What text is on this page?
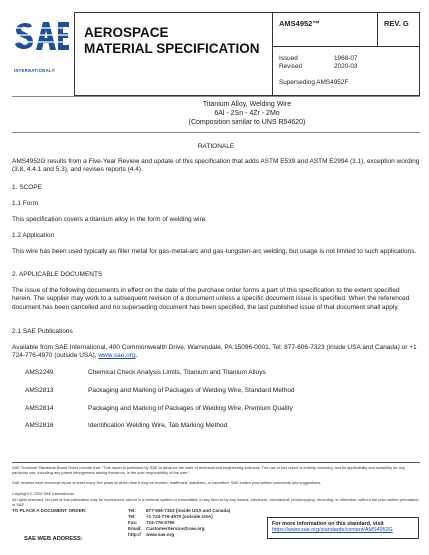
INTERNATIONAL®
AEROSPACE
MATERIAL SPECIFICATION
AMS4952™	REV. G
Issued	1968-07
Revised	2020-03
Superseding AMS4952F
Titanium Alloy, Welding Wire
6Al - 2Sn - 4Zr - 2Mo
(Composition similar to UNS R54620)
RATIONALE
AMS4952G results from a Five-Year Review and update of this specification that adds ASTM E539 and ASTM E2994 (3.1), exception wording (3.8, 4.4.1 and 5.3), and revises reports (4.4).
1. SCOPE
1.1 Form
This specification covers a titanium alloy in the form of welding wire.
1.2 Application
This wire has been used typically as filler metal for gas-metal-arc and gas-tungsten-arc welding, but usage is not limited to such applications.
2. APPLICABLE DOCUMENTS
The issue of the following documents in effect on the date of the purchase order forms a part of this specification to the extent specified herein. The supplier may work to a subsequent revision of a document unless a specific document issue is specified. When the referenced document has been cancelled and no superseding document has been specified, the last published issue of that document shall apply.
2.1 SAE Publications
Available from SAE International, 400 Commonwealth Drive, Warrendale, PA 15096-0001, Tel: 877-606-7323 (inside USA and Canada) or +1 724-776-4970 (outside USA), www.sae.org.
AMS2249	Chemical Check Analysis Limits, Titanium and Titanium Alloys
AMS2813	Packaging and Marking of Packages of Welding Wire, Standard Method
AMS2814	Packaging and Marking of Packages of Welding Wire, Premium Quality
AMS2816	Identification Welding Wire, Tab Marking Method
SAE Technical Standards Board Rules provide that: “This report is published by SAE to advance the state of technical and engineering sciences. The use of this report is entirely voluntary, and its applicability and suitability for any particular use, including any patent infringement arising therefrom, is the sole responsibility of the user.”
SAE reviews each technical report at least every five years at which time it may be revised, reaffirmed, stabilized, or cancelled. SAE invites your written comments and suggestions.
Copyright © 2020 SAE International
All rights reserved. No part of this publication may be reproduced, stored in a retrieval system or transmitted, in any form or by any means, electronic, mechanical, photocopying, recording, or otherwise, without the prior written permission of SAE.
TO PLACE A DOCUMENT ORDER:	Tel: 877-606-7323 (inside USA and Canada)
Tel: +1 724-776-4970 (outside USA)
Fax: 724-776-0790
Email: CustomerService@sae.org
http:// www.sae.org
SAE WEB ADDRESS:
For more information on this standard, visit
https://www.sae.org/standards/content/AMS4952G
